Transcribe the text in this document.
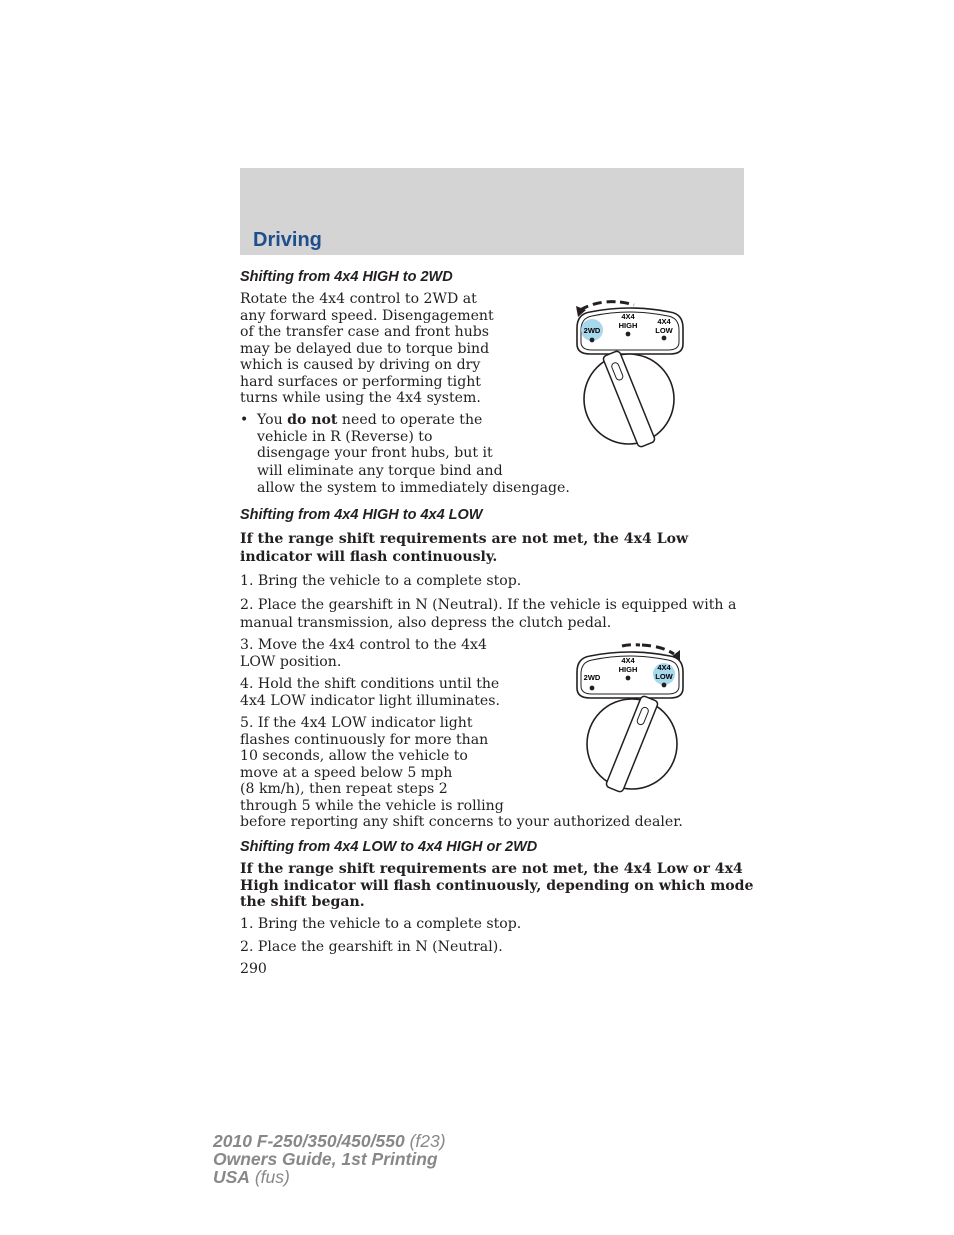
Driving
Shifting from 4x4 HIGH to 2WD
Rotate the 4x4 control to 2WD at
any forward speed. Disengagement
of the transfer case and front hubs
may be delayed due to torque bind
which is caused by driving on dry
hard surfaces or performing tight
turns while using the 4x4 system.
• You do not need to operate the
vehicle in R (Reverse) to
disengage your front hubs, but it
will eliminate any torque bind and
allow the system to immediately disengage.
2WD
4X4
HIGH	4X4
LOW
Shifting from 4x4 HIGH to 4x4 LOW
If the range shift requirements are not met, the 4x4 Low
indicator will flash continuously.
1. Bring the vehicle to a complete stop.
2. Place the gearshift in N (Neutral). If the vehicle is equipped with a
manual transmission, also depress the clutch pedal.
3. Move the 4x4 control to the 4x4
LOW position.
4. Hold the shift conditions until the
4x4 LOW indicator light illuminates.
5. If the 4x4 LOW indicator light
flashes continuously for more than
10 seconds, allow the vehicle to
move at a speed below 5 mph
(8 km/h), then repeat steps 2
through 5 while the vehicle is rolling
before reporting any shift concerns to your authorized dealer.
2WD
4X4
HIGH	4X4
LOW
Shifting from 4x4 LOW to 4x4 HIGH or 2WD
If the range shift requirements are not met, the 4x4 Low or 4x4
High indicator will flash continuously, depending on which mode
the shift began.
1. Bring the vehicle to a complete stop.
2. Place the gearshift in N (Neutral).
290
2010 F-250/350/450/550 (f23)
Owners Guide, 1st Printing
USA (fus)
